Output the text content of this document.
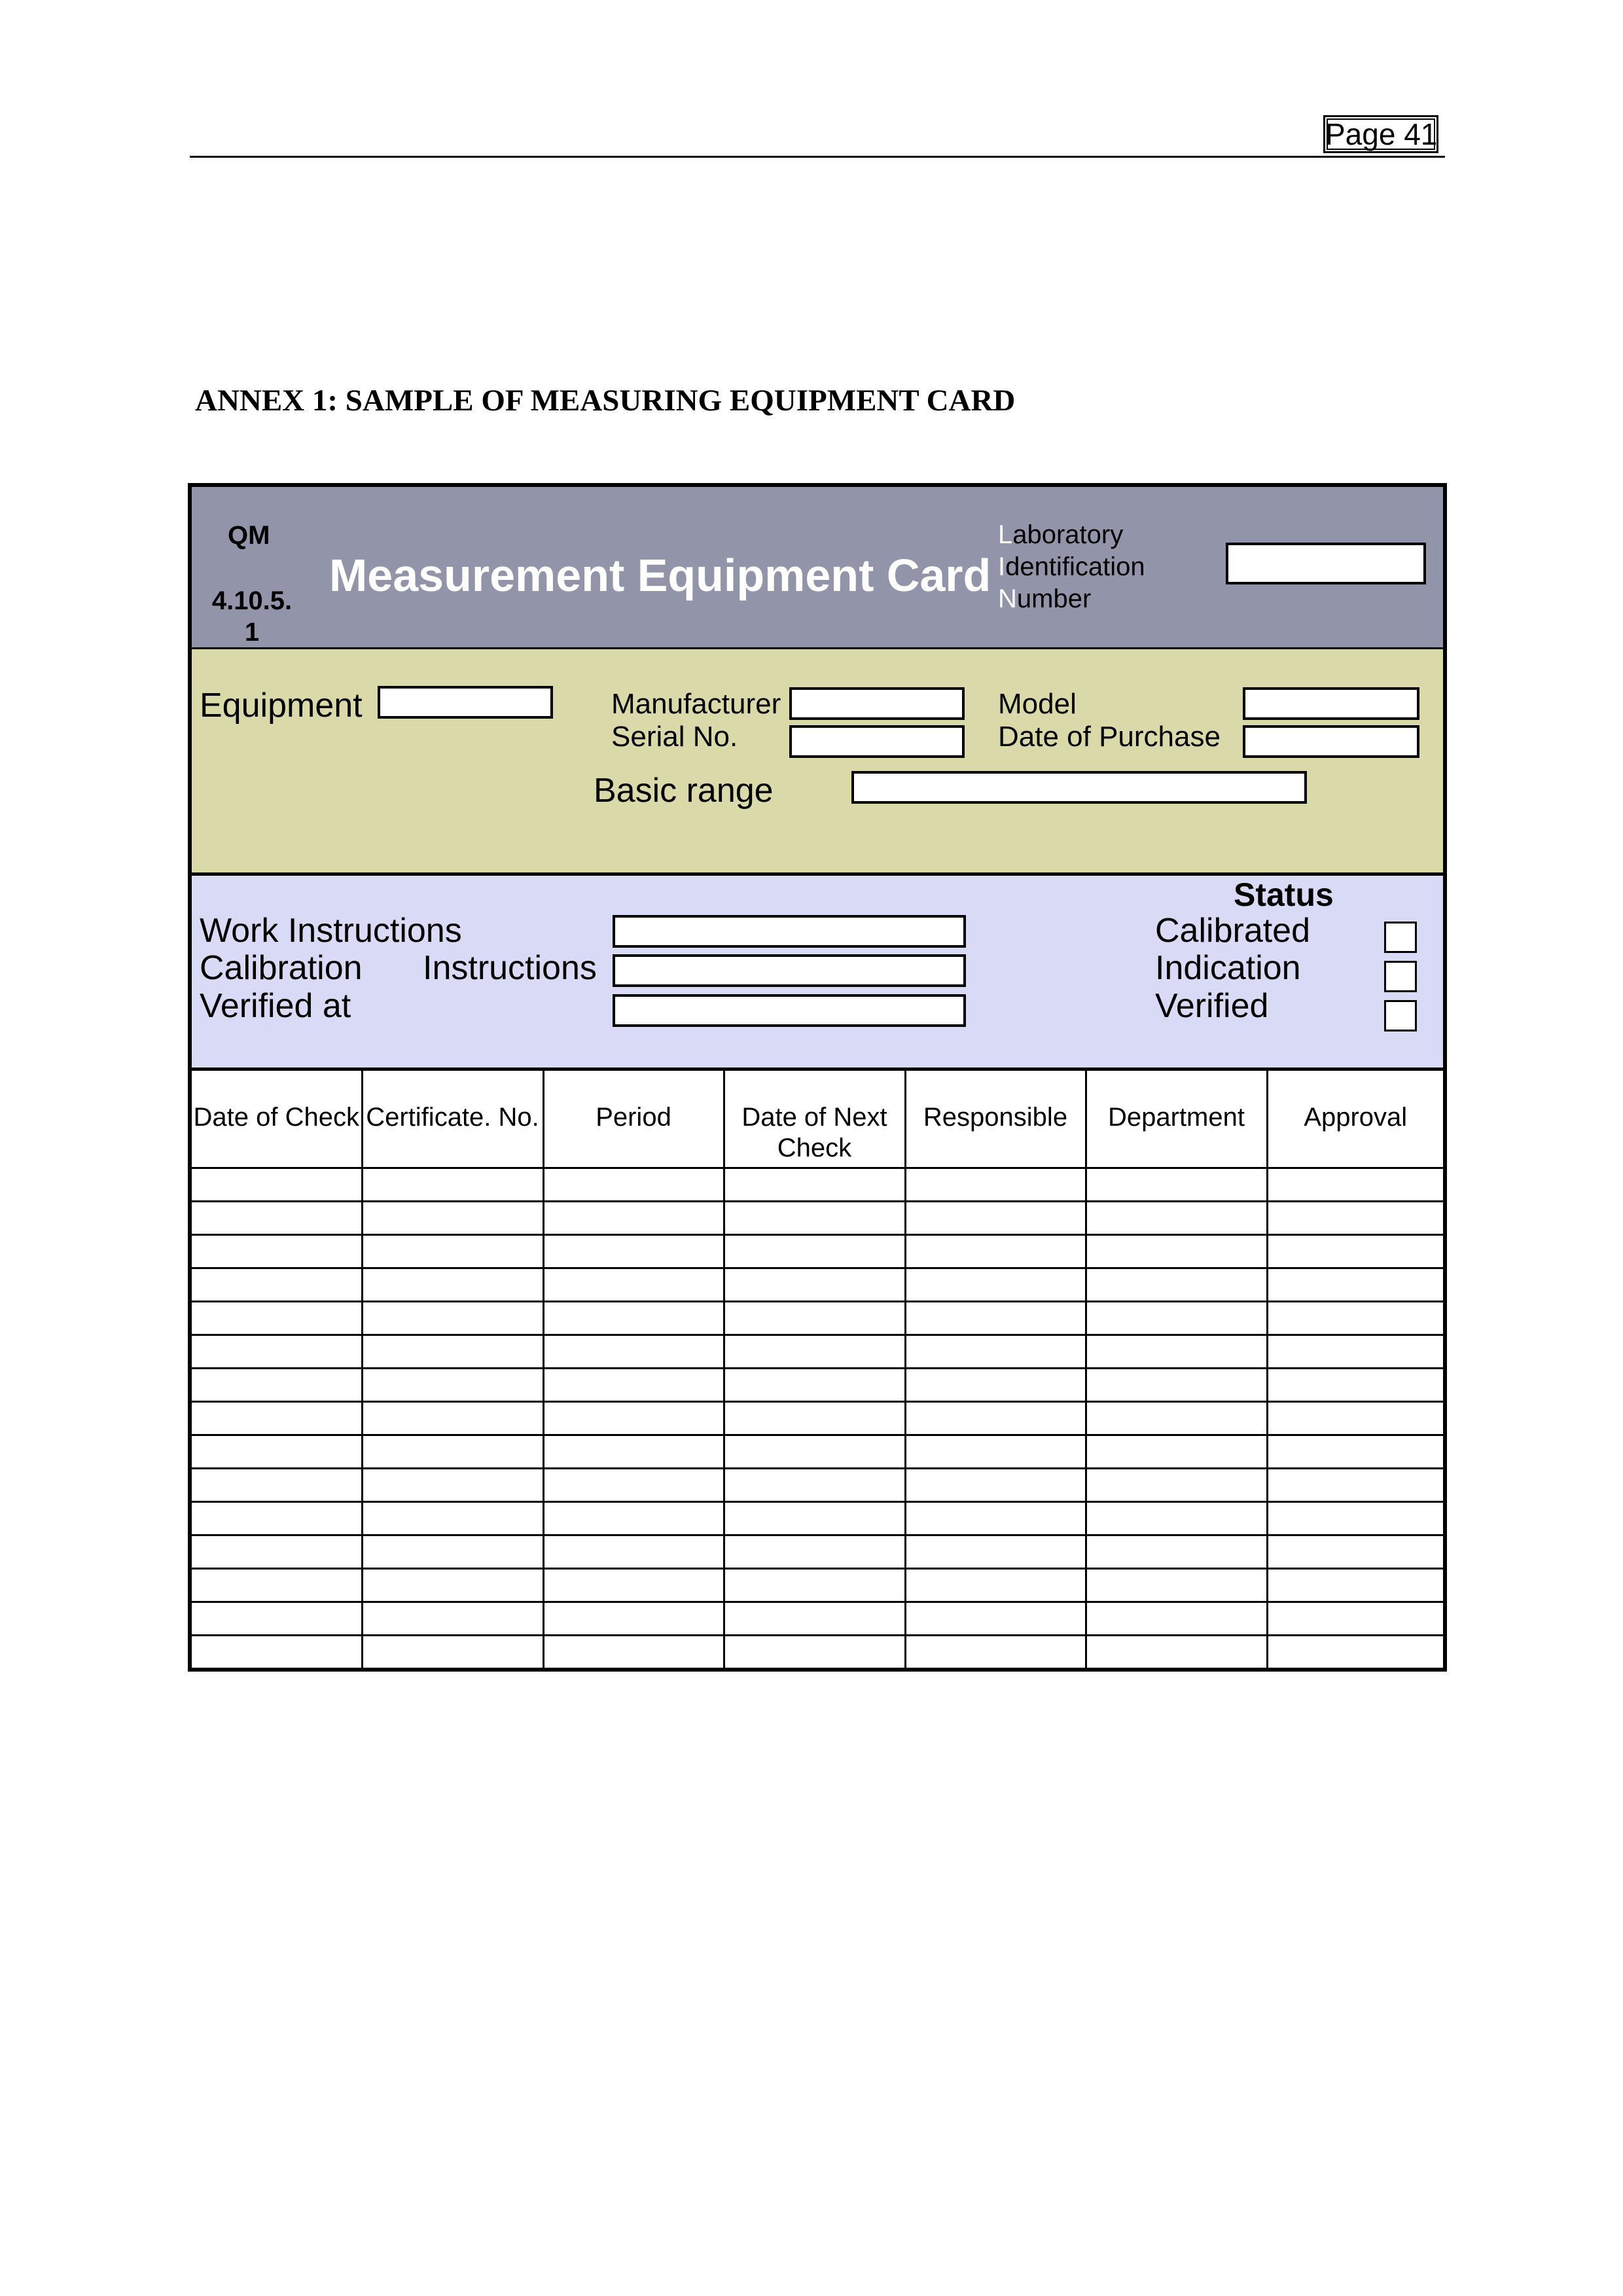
Page 41
ANNEX 1: SAMPLE OF MEASURING EQUIPMENT CARD
QM
4.10.5. 1
Measurement Equipment Card
Laboratory
Identification
Number
Equipment	Manufacturer
Serial No.
Model
Date of Purchase
Basic range
Work Instructions
Calibration Instructions
Verified at
Status
Calibrated
Indication
Verified
Date of Check	Certificate. No.	Period	Date of Next Check	Responsible	Department	Approval
